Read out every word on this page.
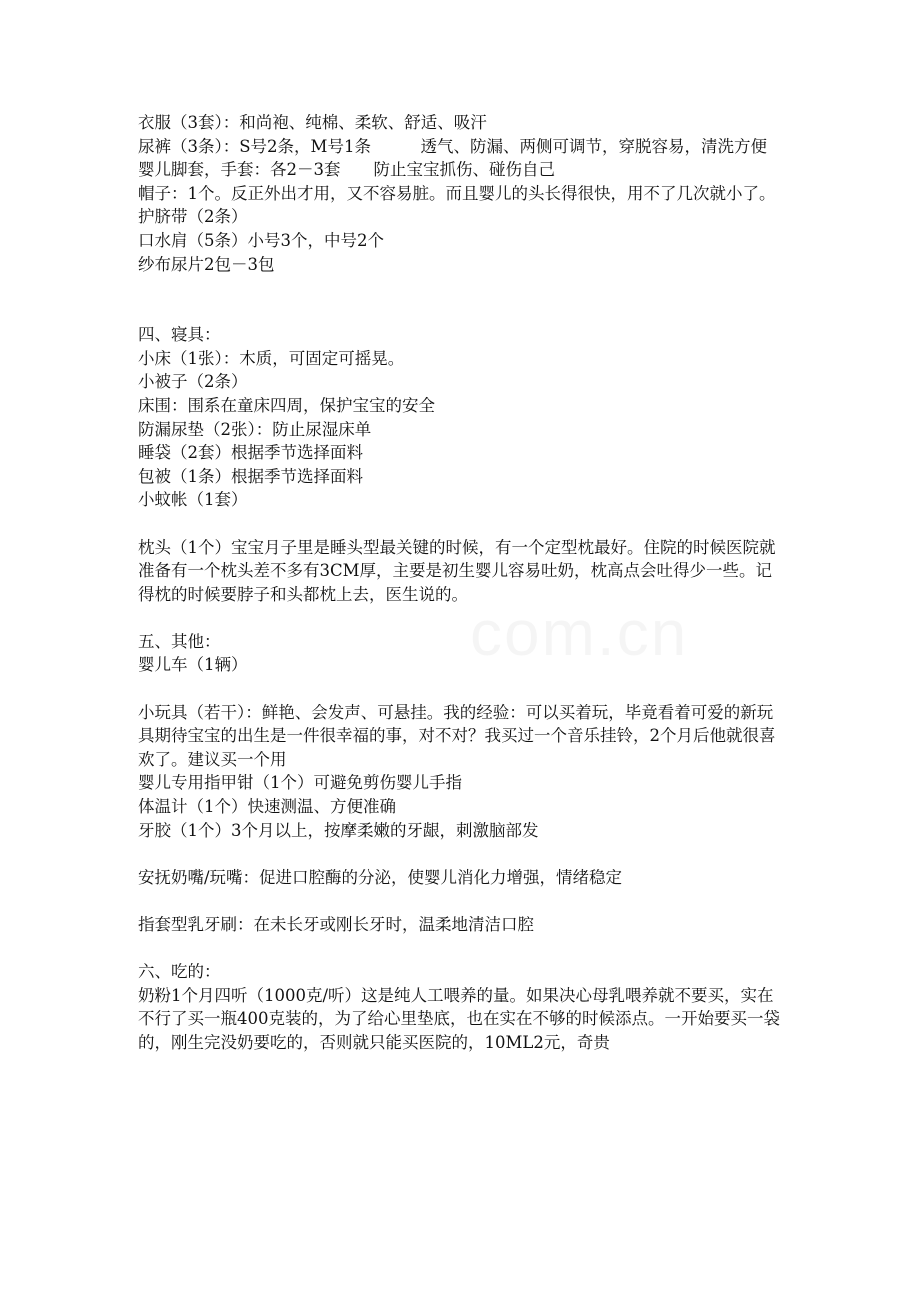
衣服（3套）：和尚袍、纯棉、柔软、舒适、吸汗

尿裤（3条）：S号2条，M号1条　　　透气、防漏、两侧可调节，穿脱容易，清洗方便

婴儿脚套，手套：各2－3套　　防止宝宝抓伤、碰伤自己

帽子：1个。反正外出才用，又不容易脏。而且婴儿的头长得很快，用不了几次就小了。

护脐带（2条）

口水肩（5条）小号3个，中号2个

纱布尿片2包－3包

四、寝具：

小床（1张）：木质，可固定可摇晃。

小被子（2条）

床围：围系在童床四周，保护宝宝的安全

防漏尿垫（2张）：防止尿湿床单

睡袋（2套）根据季节选择面料

包被（1条）根据季节选择面料

小蚊帐（1套）

枕头（1个）宝宝月子里是睡头型最关键的时候，有一个定型枕最好。住院的时候医院就准备有一个枕头差不多有3CM厚，主要是初生婴儿容易吐奶，枕高点会吐得少一些。记得枕的时候要脖子和头都枕上去，医生说的。

五、其他：

婴儿车（1辆）

小玩具（若干）：鲜艳、会发声、可悬挂。我的经验：可以买着玩，毕竟看着可爱的新玩具期待宝宝的出生是一件很幸福的事，对不对？我买过一个音乐挂铃，2个月后他就很喜欢了。建议买一个用

婴儿专用指甲钳（1个）可避免剪伤婴儿手指

体温计（1个）快速测温、方便准确

牙胶（1个）3个月以上，按摩柔嫩的牙龈，刺激脑部发

安抚奶嘴/玩嘴：促进口腔酶的分泌，使婴儿消化力增强，情绪稳定

指套型乳牙刷：在未长牙或刚长牙时，温柔地清洁口腔

六、吃的：

奶粉1个月四听（1000克/听）这是纯人工喂养的量。如果决心母乳喂养就不要买，实在不行了买一瓶400克装的，为了给心里垫底，也在实在不够的时候添点。一开始要买一袋的，刚生完没奶要吃的，否则就只能买医院的，10ML2元，奇贵
